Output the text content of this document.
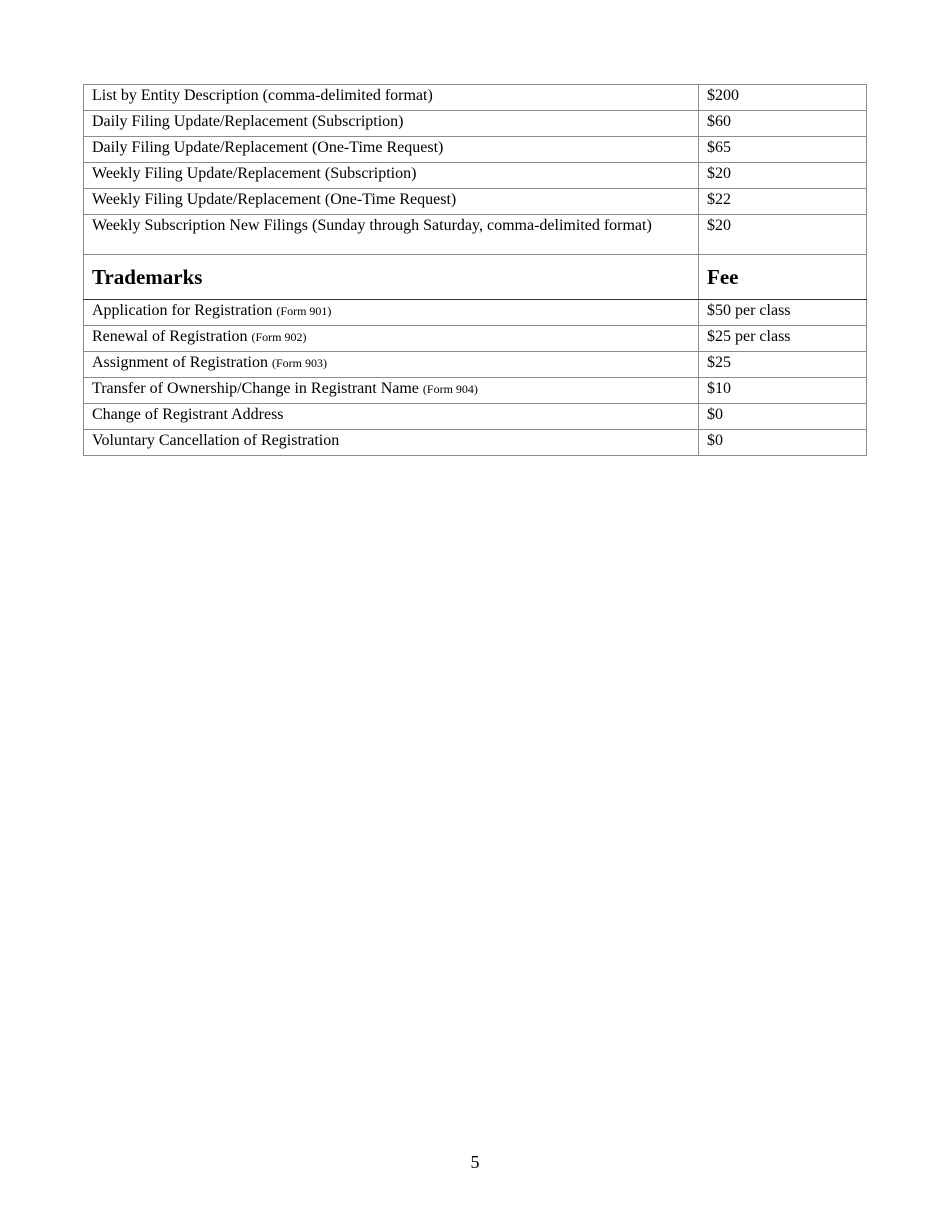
List by Entity Description (comma-delimited format)	$200
Daily Filing Update/Replacement (Subscription)	$60
Daily Filing Update/Replacement (One-Time Request)	$65
Weekly Filing Update/Replacement (Subscription)	$20
Weekly Filing Update/Replacement (One-Time Request)	$22
Weekly Subscription New Filings (Sunday through Saturday, comma-delimited format)	$20
Trademarks	Fee
Application for Registration (Form 901)	$50 per class
Renewal of Registration (Form 902)	$25 per class
Assignment of Registration (Form 903)	$25
Transfer of Ownership/Change in Registrant Name (Form 904)	$10
Change of Registrant Address	$0
Voluntary Cancellation of Registration	$0
5
